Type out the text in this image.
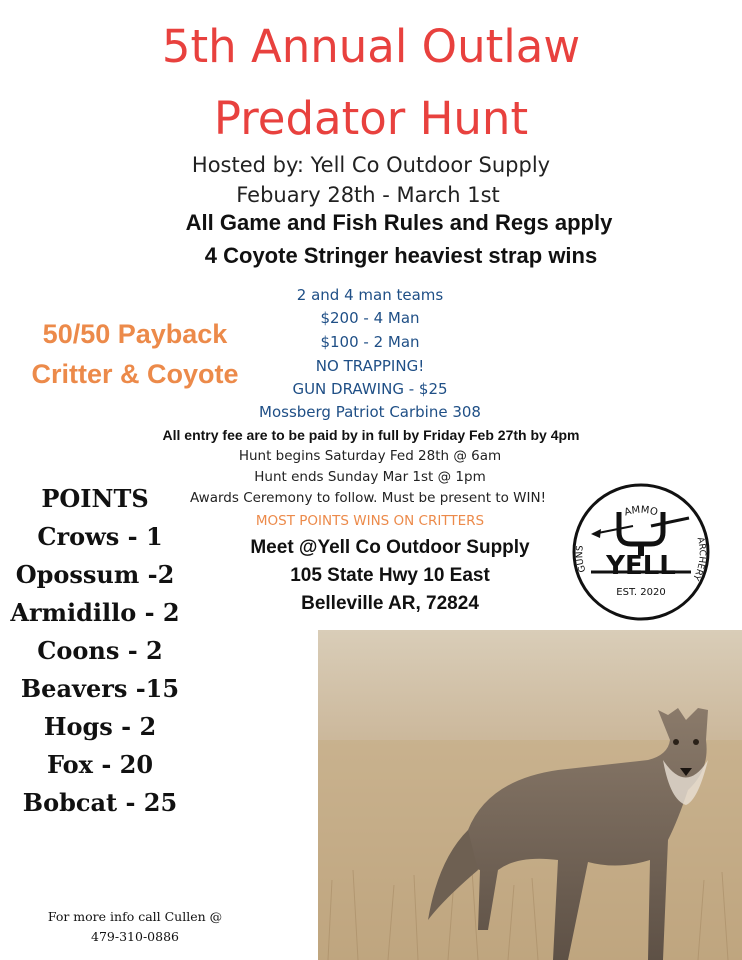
5th Annual Outlaw
Predator Hunt
Hosted by: Yell Co Outdoor Supply
Febuary 28th - March 1st
All Game and Fish Rules and Regs apply
4 Coyote Stringer heaviest strap wins
2 and 4 man teams
$200 - 4 Man
$100 - 2 Man
NO TRAPPING!
GUN DRAWING - $25
Mossberg Patriot Carbine 308
50/50 Payback
Critter & Coyote
All entry fee are to be paid by in full by Friday Feb 27th by 4pm
Hunt begins Saturday Fed 28th @ 6am
Hunt ends Sunday Mar 1st @ 1pm
Awards Ceremony to follow. Must be present to WIN!
MOST POINTS WINS ON CRITTERS
Meet @Yell Co Outdoor Supply
105 State Hwy 10 East
Belleville AR, 72824
POINTS
Crows - 1
Opossum -2
Armidillo - 2
Coons - 2
Beavers -15
Hogs - 2
Fox - 20
Bobcat - 25
For more info call Cullen @
479-310-0886
AMMO
GUNS
ARCHERY
YELL
EST. 2020
